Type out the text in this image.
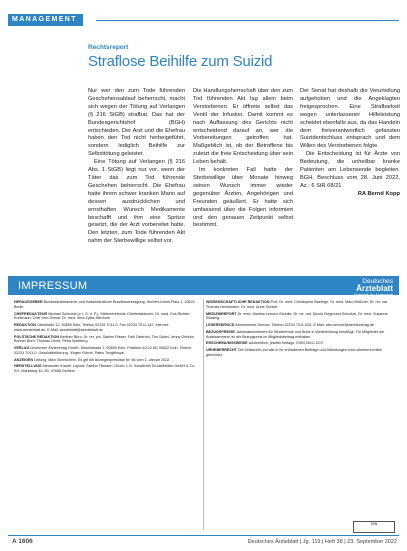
MANAGEMENT
Rechtsreport
Straflose Beihilfe zum Suizid

Nur wer den zum Tode führenden Geschehensablauf beherrscht, macht sich wegen der Tötung auf Verlangen (§ 216 StGB) strafbar. Das hat der Bundesgerichtshof (BGH) entschieden. Der Arzt und die Ehefrau haben den Tod nicht herbeigeführt, sondern lediglich Beihilfe zur Selbsttötung geleistet.

Eine Tötung auf Verlangen (§ 216 Abs. 1 StGB) liegt nur vor, wenn der Täter das zum Tod führende Geschehen beherrscht. Die Ehefrau hatte ihrem schwer kranken Mann auf dessen ausdrücklichen und ernsthaften Wunsch Medikamente beschafft und ihm eine Spritze gesetzt, die der Arzt vorbereitet hatte. Den letzten, zum Tode führenden Akt nahm der Sterbewillige selbst vor.

Die Handlungsherrschaft über den zum Tod führenden Akt lag allein beim Verstorbenen. Er öffnete selbst das Ventil der Infusion. Damit kommt es nach Auffassung des Gerichts nicht entscheidend darauf an, wer die Vorbereitungen getroffen hat. Maßgeblich ist, ob der Betroffene bis zuletzt die freie Entscheidung über sein Leben behält.

Im konkreten Fall hatte der Sterbewillige über Monate hinweg seinen Wunsch immer wieder gegenüber Ärzten, Angehörigen und Freunden geäußert. Er hatte sich umfassend über die Folgen informiert und den genauen Zeitpunkt selbst bestimmt.

Der Senat hat deshalb die Verurteilung aufgehoben und die Angeklagten freigesprochen. Eine Strafbarkeit wegen unterlassener Hilfeleistung scheidet ebenfalls aus, da das Handeln dem freiverantwortlich gefassten Suizidentschluss entsprach und dem Willen des Verstorbenen folgte.

Die Entscheidung ist für Ärzte von Bedeutung, die unheilbar kranke Patienten am Lebensende begleiten. BGH, Beschluss vom 28. Juni 2022, Az.: 6 StR 68/21

RA Bernd Kopp

IMPRESSUM	Deutsches
Ärzteblatt
Ärzteblatt der Ärzteschaft

HERAUSGEBER Bundesärztekammer und Kassenärztliche Bundesvereinigung, Herbert-Lewin-Platz 1, 10623 Berlin

CHEFREDAKTEUR Michael Schmedt (v. i. S. d. P.), Stellvertretende Chefredakteurin: Dr. med. Eva Richter-Kuhlmann. Chef vom Dienst: Dr. med. Vera Zylka-Menhorn

REDAKTION Ottostraße 12, 50859 Köln, Telefon 02234 7011-0, Fax 02234 7011-142, Internet: www.aerzteblatt.de, E-Mail: aerzteblatt@aerzteblatt.de

POLITISCHE REDAKTION Berliner Büro, Dr. rer. pol. Sabine Rieser, Falk Osterloh, Tim Gabel, Jenny Gehrke; Bonner Büro: Thomas Gerst, Petra Spielberg

VERLAG Deutscher Ärzteverlag GmbH, Dieselstraße 2, 50859 Köln, Postfach 40 02 65, 50832 Köln, Telefon 02234 7011-0. Geschäftsführung: Jürgen Führer, Patric Tongbhoyai

ANZEIGEN Leitung: Marc Bornschein. Es gilt die Anzeigenpreisliste Nr. 66 vom 1. Januar 2022.

HERSTELLUNG Alexander Krauth. Layout: Sabine Tillmann. Druck: L.N. Schaffrath DruckMedien GmbH & Co. KG, Marktweg 42–50, 47608 Geldern

WISSENSCHAFTLICHE REDAKTION Prof. Dr. med. Christopher Baethge, Dr. med. Marc Meißner, Dr. rer. nat. Thomas Heinemann, Dr. med. Anne Gunkel

MEDIZINREPORT Dr. med. Martina Lenzen-Schulte, Dr. rer. nat. Nicola Siegmund-Schultze, Dr. med. Susanne Rössing

LESERSERVICE Abonnement-Service, Telefon 02234 7011-520, E-Mail: abo-service@aerzteverlag.de

BEZUGSPREISE Jahresabonnement für Studierende und Ärzte in Weiterbildung ermäßigt. Für Mitglieder der Ärztekammern ist der Bezugspreis im Mitgliedsbeitrag enthalten.

ERSCHEINUNGSWEISE wöchentlich, jeweils freitags. ISSN 0012-1207

URHEBERRECHT Die Zeitschrift und alle in ihr enthaltenen Beiträge und Abbildungen sind urheberrechtlich geschützt.

IVW
A 1606	Deutsches Ärzteblatt | Jg. 119 | Heft 38 | 23. September 2022
